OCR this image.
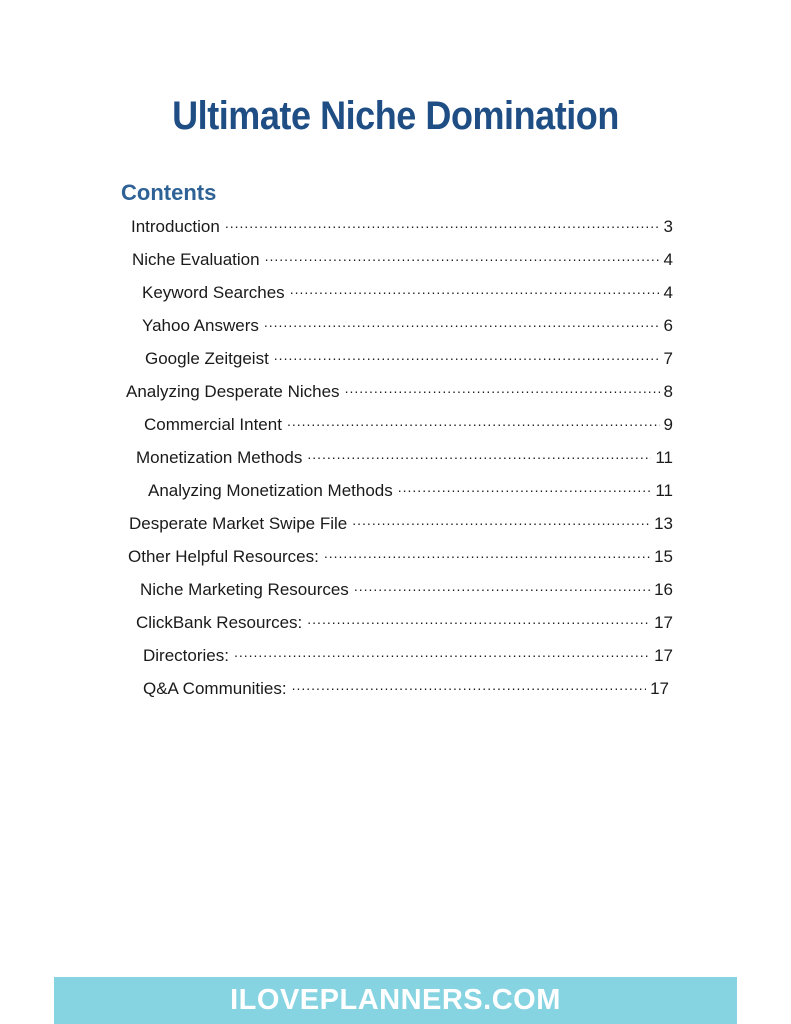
Ultimate Niche Domination
Contents
Introduction .....	3
Niche Evaluation .....	4
Keyword Searches .....	4
Yahoo Answers .....	6
Google Zeitgeist .....	7
Analyzing Desperate Niches .....	8
Commercial Intent .....	9
Monetization Methods .....	11
Analyzing Monetization Methods .....	11
Desperate Market Swipe File .....	13
Other Helpful Resources: .....	15
Niche Marketing Resources .....	16
ClickBank Resources: .....	17
Directories: .....	17
Q&A Communities: .....	17
ILOVEPLANNERS.COM
